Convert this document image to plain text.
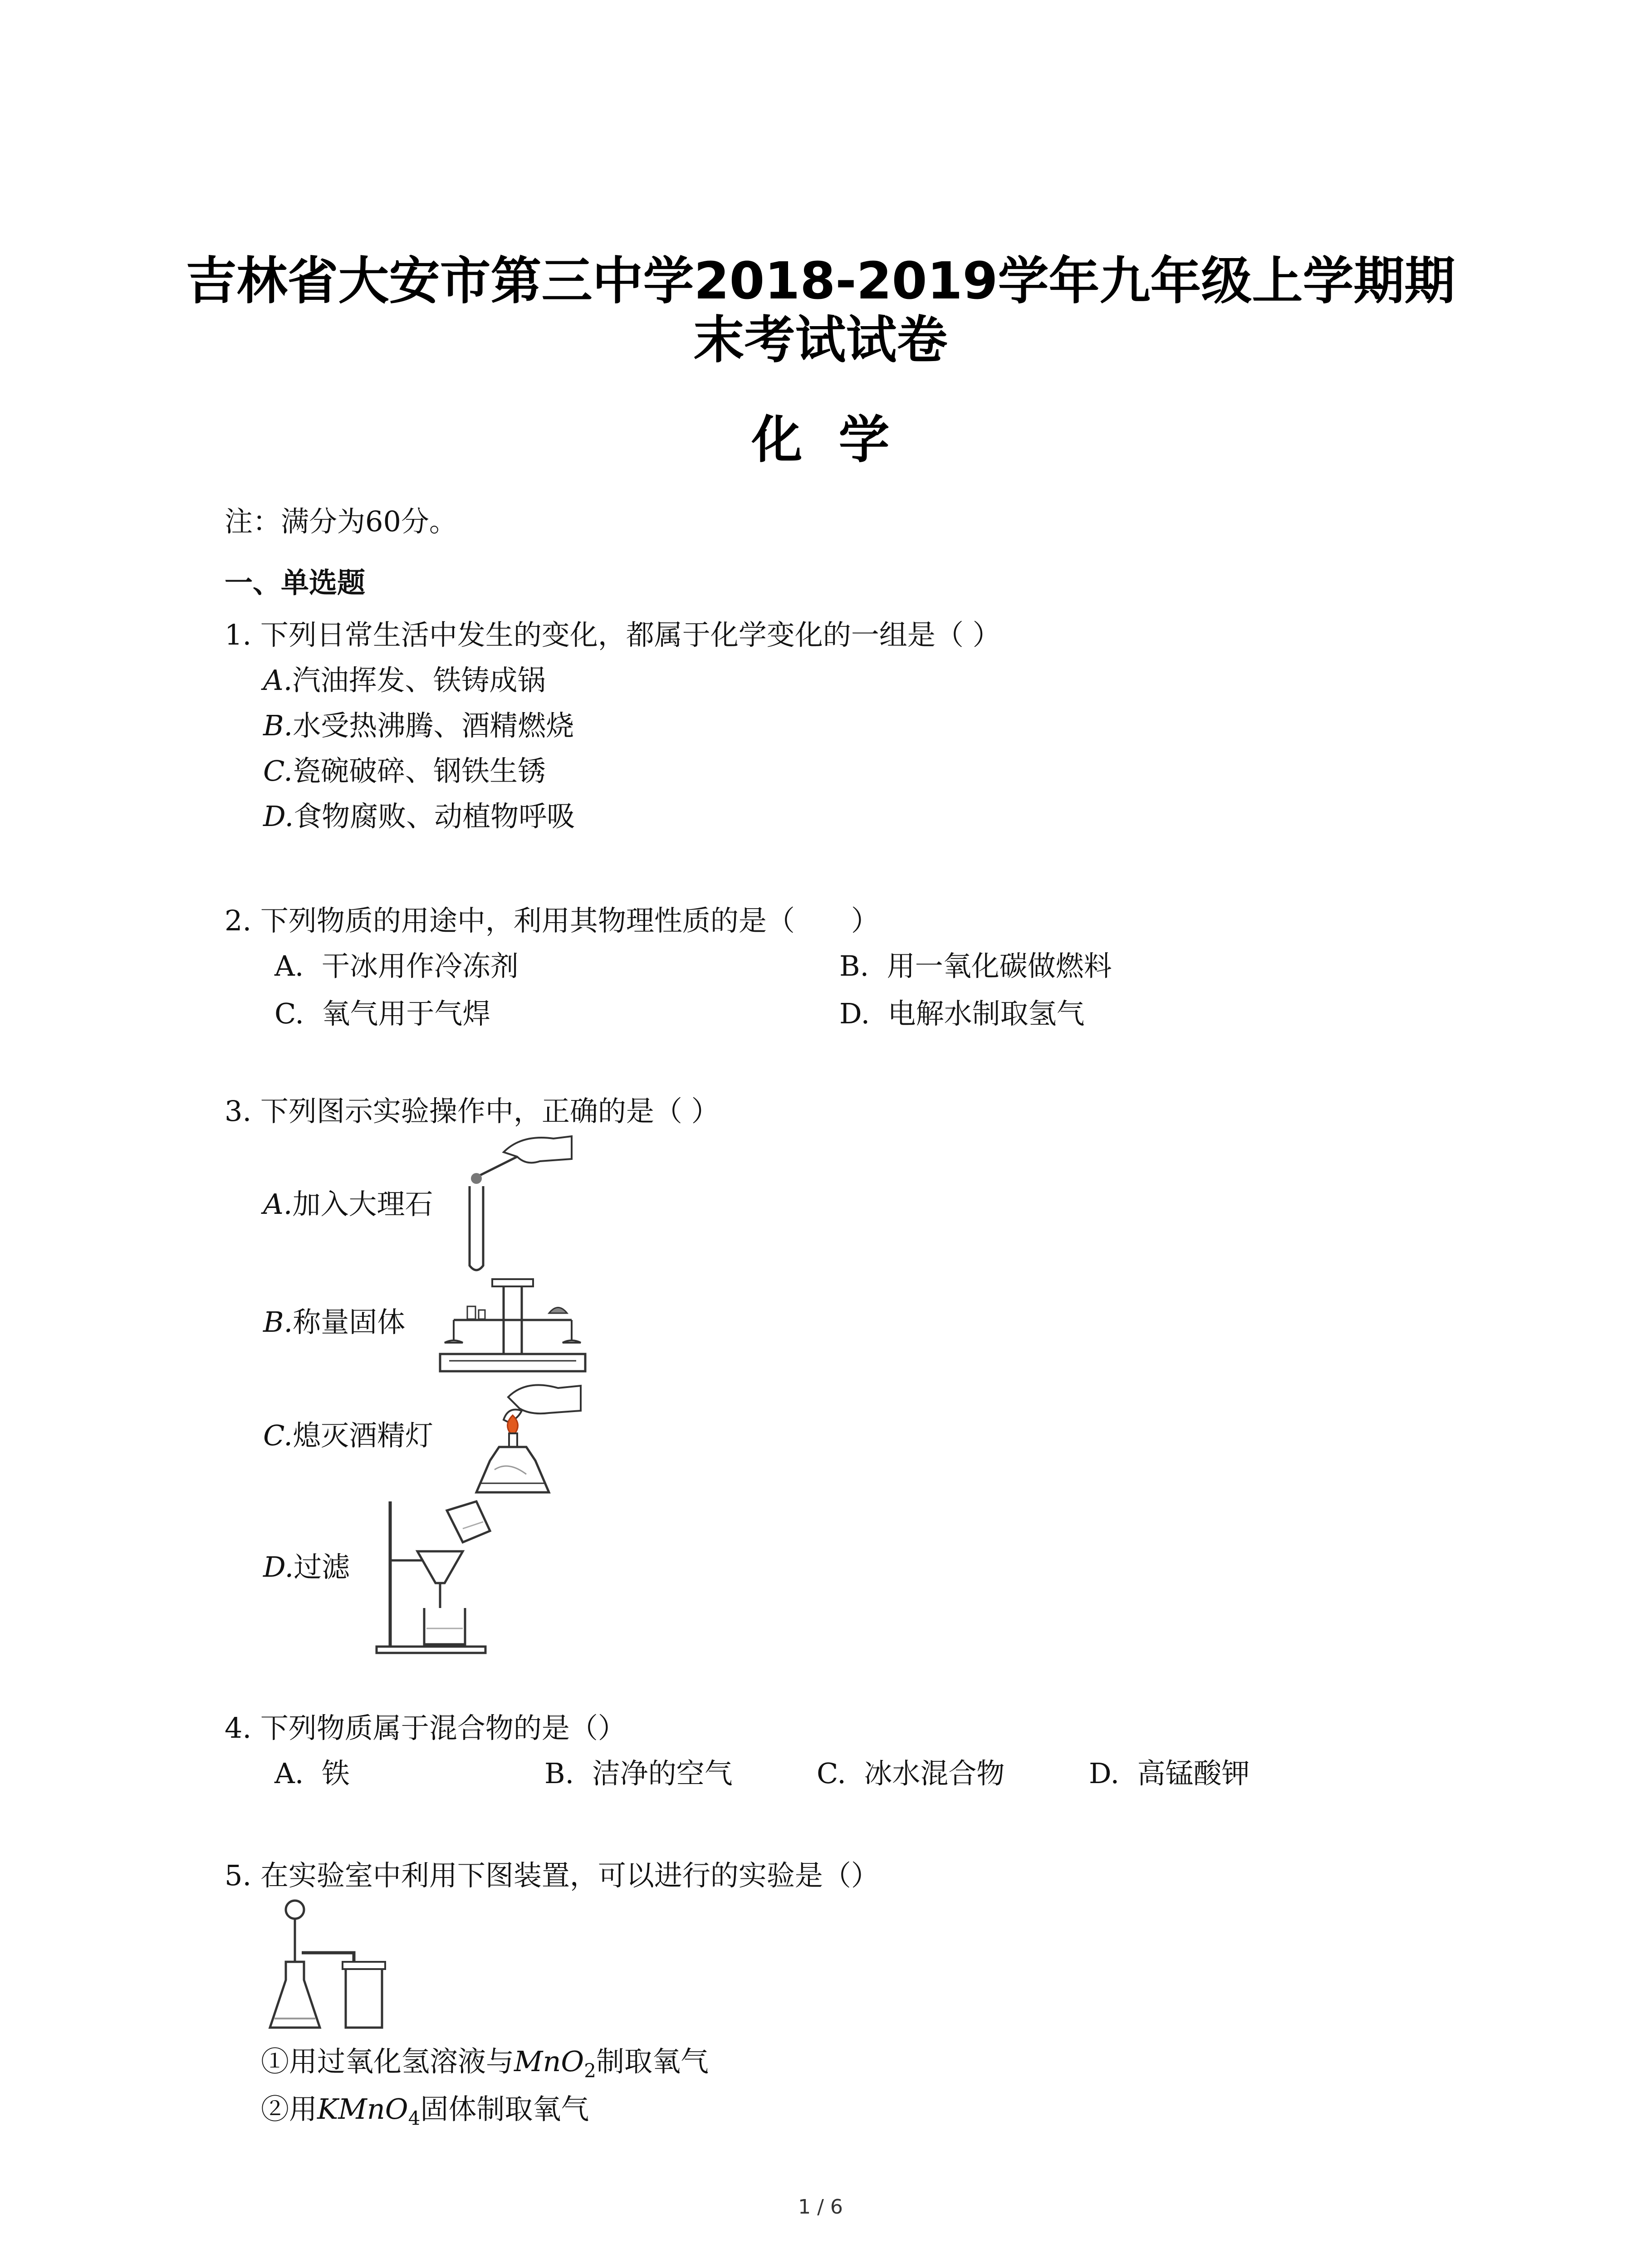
吉林省大安市第三中学2018-2019学年九年级上学期期
末考试试卷
化学
注：满分为60分。
一、单选题
1. 下列日常生活中发生的变化，都属于化学变化的一组是（ ）
A.汽油挥发、铁铸成锅
B.水受热沸腾、酒精燃烧
C.瓷碗破碎、钢铁生锈
D.食物腐败、动植物呼吸
2. 下列物质的用途中，利用其物理性质的是（　　）
A. 干冰用作冷冻剂	B. 用一氧化碳做燃料
C. 氧气用于气焊	D. 电解水制取氢气
3. 下列图示实验操作中，正确的是（ ）
A.加入大理石
B.称量固体
C.熄灭酒精灯
D.过滤
4. 下列物质属于混合物的是（）
A. 铁	B. 洁净的空气	C. 冰水混合物	D. 高锰酸钾
5. 在实验室中利用下图装置，可以进行的实验是（）
①用过氧化氢溶液与MnO$_2$制取氧气
②用KMnO$_4$固体制取氧气
1 / 6
